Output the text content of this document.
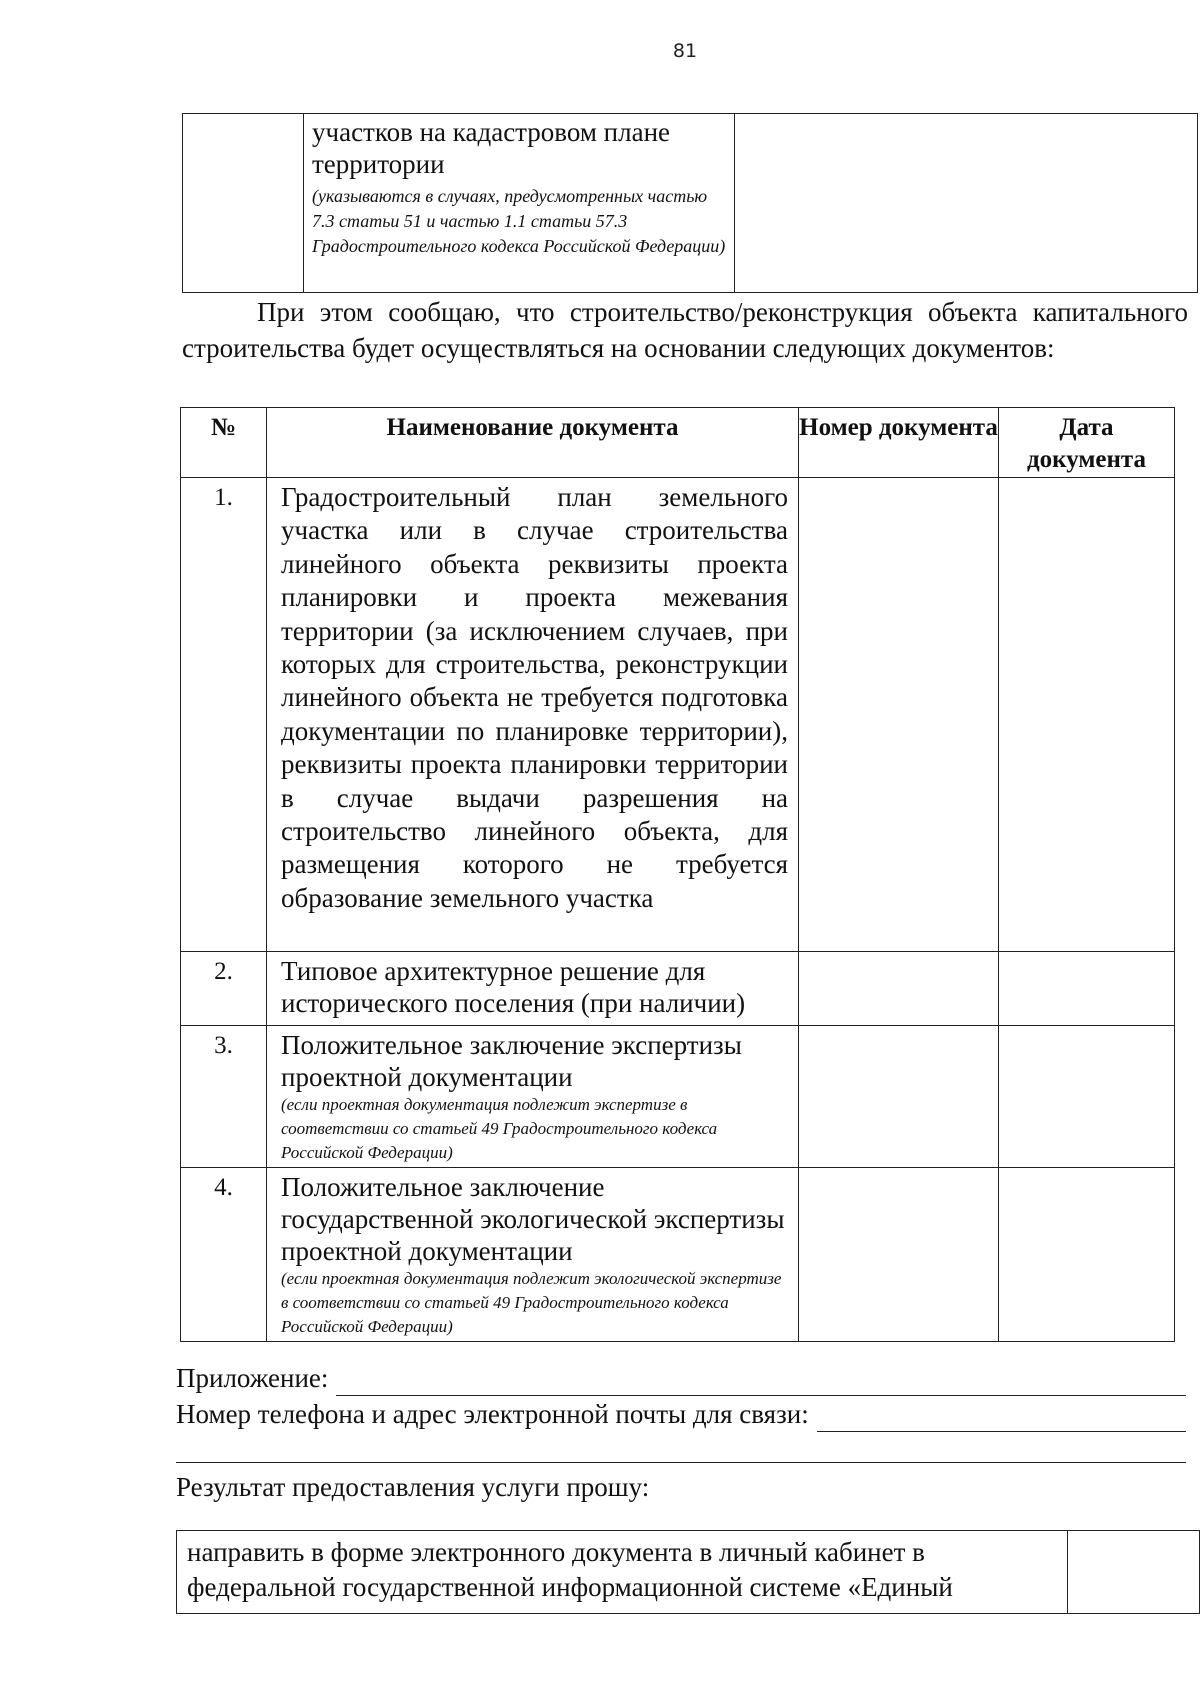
81

участков на кадастровом плане
территории
(указываются в случаях, предусмотренных частью 7.3 статьи 51 и частью 1.1 статьи 57.3 Градостроительного кодекса Российской Федерации)

При этом сообщаю, что строительство/реконструкция объекта капитального строительства будет осуществляться на основании следующих документов:

№	Наименование документа	Номер документа	Дата документа
1.	Градостроительный план земельного участка или в случае строительства линейного объекта реквизиты проекта планировки и проекта межевания территории (за исключением случаев, при которых для строительства, реконструкции линейного объекта не требуется подготовка документации по планировке территории), реквизиты проекта планировки территории в случае выдачи разрешения на строительство линейного объекта, для размещения которого не требуется образование земельного участка		

2.	Типовое архитектурное решение для исторического поселения (при наличии)		

3.	Положительное заключение экспертизы проектной документации
(если проектная документация подлежит экспертизе в соответствии со статьей 49 Градостроительного кодекса Российской Федерации)		

4.	Положительное заключение государственной экологической экспертизы проектной документации
(если проектная документация подлежит экологической экспертизе в соответствии со статьей 49 Градостроительного кодекса Российской Федерации)		

Приложение:
Номер телефона и адрес электронной почты для связи:
Результат предоставления услуги прошу:
направить в форме электронного документа в личный кабинет в федеральной государственной информационной системе «Единый
